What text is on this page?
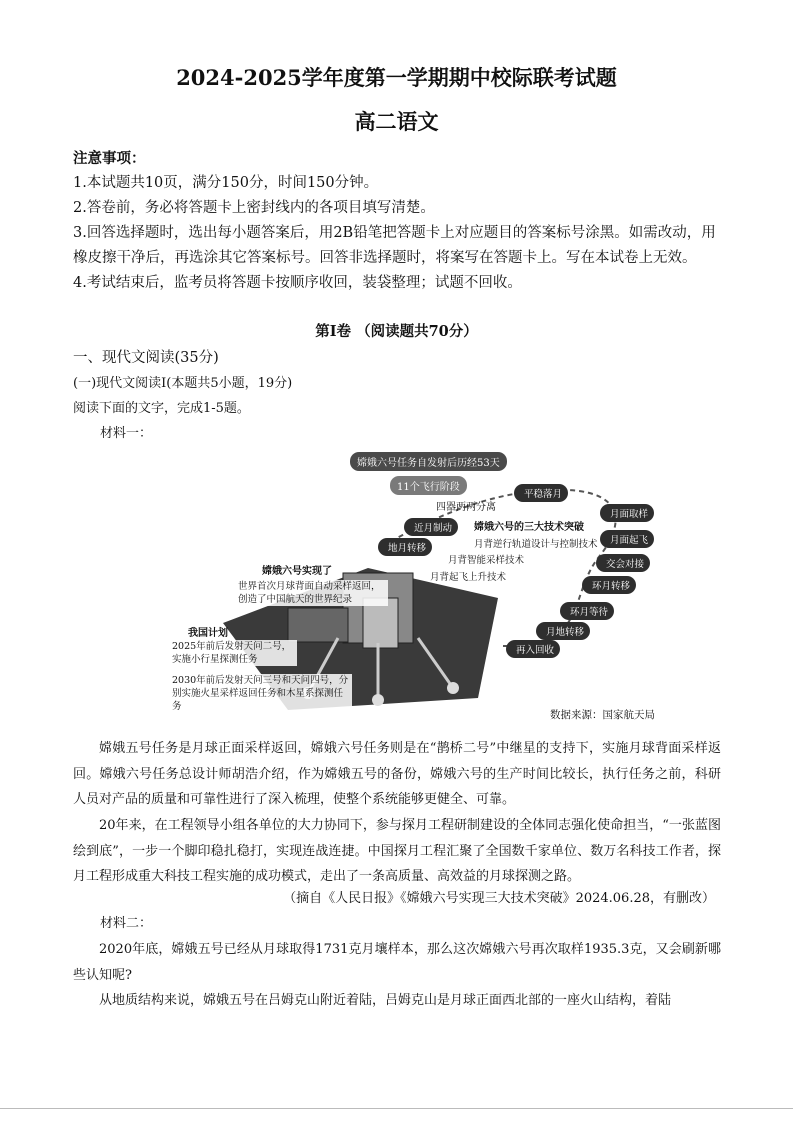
2024-2025学年度第一学期期中校际联考试题
高二语文
注意事项：
1.本试题共10页，满分150分，时间150分钟。
2.答卷前，务必将答题卡上密封线内的各项目填写清楚。
3.回答选择题时，选出每小题答案后，用2B铅笔把答题卡上对应题目的答案标号涂黑。如需改动，用橡皮擦干净后，再选涂其它答案标号。回答非选择题时，将案写在答题卡上。写在本试卷上无效。
4.考试结束后，监考员将答题卡按顺序收回，装袋整理；试题不回收。
第Ⅰ卷 （阅读题共70分）
一、现代文阅读(35分)
(一)现代文阅读Ⅰ(本题共5小题，19分)
阅读下面的文字，完成1-5题。
材料一：
嫦娥六号任务自发射后历经53天
11个飞行阶段
四器两两分离
平稳落月
月面取样
月面起飞
交会对接
环月转移
环月等待
月地转移
再入回收
近月制动
地月转移
嫦娥六号的三大技术突破
月背逆行轨道设计与控制技术
月背智能采样技术
月背起飞上升技术
嫦娥六号实现了
世界首次月球背面自动采样返回，创造了中国航天的世界纪录
我国计划
2025年前后发射天问二号，实施小行星探测任务
2030年前后发射天问三号和天问四号，分别实施火星采样返回任务和木星系探测任务
数据来源：国家航天局
嫦娥五号任务是月球正面采样返回，嫦娥六号任务则是在“鹊桥二号”中继星的支持下，实施月球背面采样返回。嫦娥六号任务总设计师胡浩介绍，作为嫦娥五号的备份，嫦娥六号的生产时间比较长，执行任务之前，科研人员对产品的质量和可靠性进行了深入梳理，使整个系统能够更健全、可靠。
20年来，在工程领导小组各单位的大力协同下，参与探月工程研制建设的全体同志强化使命担当，“一张蓝图绘到底”，一步一个脚印稳扎稳打，实现连战连捷。中国探月工程汇聚了全国数千家单位、数万名科技工作者，探月工程形成重大科技工程实施的成功模式，走出了一条高质量、高效益的月球探测之路。
（摘自《人民日报》《嫦娥六号实现三大技术突破》2024.06.28，有删改）
材料二：
2020年底，嫦娥五号已经从月球取得1731克月壤样本，那么这次嫦娥六号再次取样1935.3克，又会刷新哪些认知呢?
从地质结构来说，嫦娥五号在吕姆克山附近着陆，吕姆克山是月球正面西北部的一座火山结构，着陆
